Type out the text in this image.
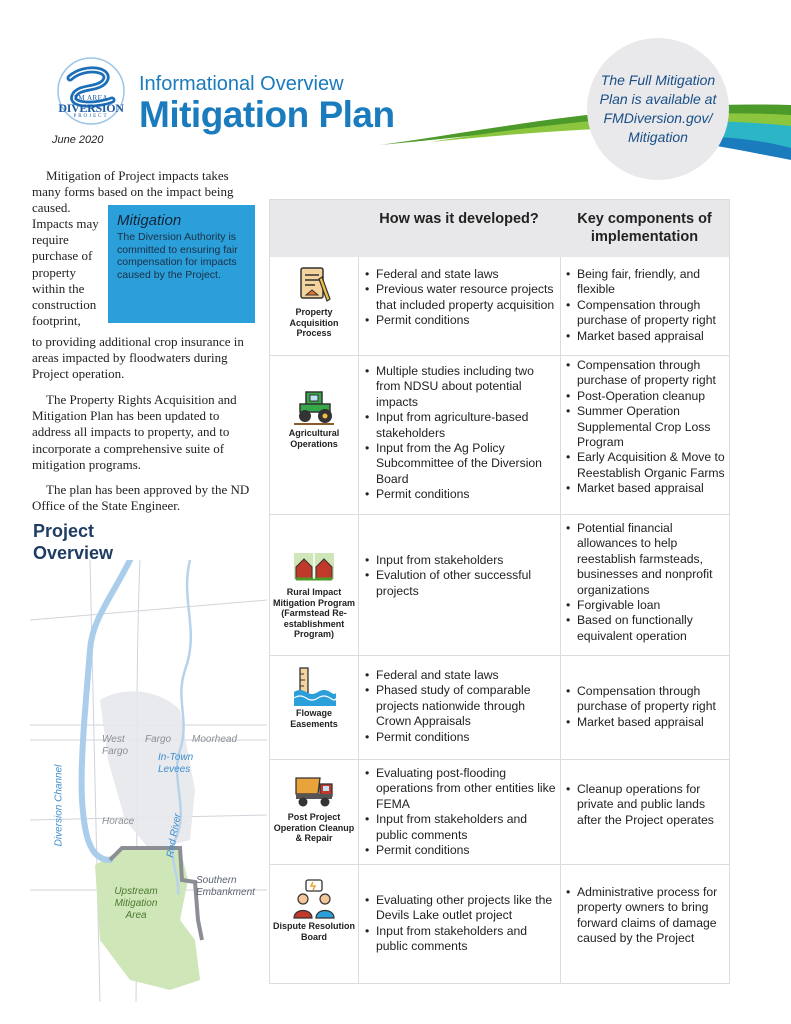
FM AREA
DIVERSION
PROJECT
Informational Overview
Mitigation Plan
June 2020
The Full Mitigation Plan is available at FMDiversion.gov/ Mitigation

Mitigation of Project impacts takes many forms based on the impact being caused.

Impacts may require purchase of property within the construction footprint,

to providing additional crop insurance in areas impacted by floodwaters during Project operation.

Mitigation

The Diversion Authority is committed to ensuring fair compensation for impacts caused by the Project.

The Property Rights Acquisition and Mitigation Plan has been updated to address all impacts to property, and to incorporate a comprehensive suite of mitigation programs.

The plan has been approved by the ND Office of the State Engineer.

Project
Overview
West Fargo
Fargo Moorhead
In-Town Levees
Horace
Diversion Channel	Red River
Southern Embankment
Upstream Mitigation Area
How was it developed?	Key components of implementation
Property Acquisition Process
• Federal and state laws
• Previous water resource projects that included property acquisition
• Permit conditions
• Being fair, friendly, and flexible
• Compensation through purchase of property right
• Market based appraisal
Agricultural Operations
• Multiple studies including two from NDSU about potential impacts
• Input from agriculture-based stakeholders
• Input from the Ag Policy Subcommittee of the Diversion Board
• Permit conditions
• Compensation through purchase of property right
• Post-Operation cleanup
• Summer Operation Supplemental Crop Loss Program
• Early Acquisition & Move to Reestablish Organic Farms
• Market based appraisal
Rural Impact Mitigation Program (Farmstead Re-establishment Program)
• Input from stakeholders
• Evalution of other successful projects
• Potential financial allowances to help reestablish farmsteads, businesses and nonprofit organizations
• Forgivable loan
• Based on functionally equivalent operation
Flowage Easements
• Federal and state laws
• Phased study of comparable projects nationwide through Crown Appraisals
• Permit conditions
• Compensation through purchase of property right
• Market based appraisal
Post Project Operation Cleanup & Repair
• Evaluating post-flooding operations from other entities like FEMA
• Input from stakeholders and public comments
• Permit conditions
• Cleanup operations for private and public lands after the Project operates
Dispute Resolution Board
• Evaluating other projects like the Devils Lake outlet project
• Input from stakeholders and public comments
• Administrative process for property owners to bring forward claims of damage caused by the Project
